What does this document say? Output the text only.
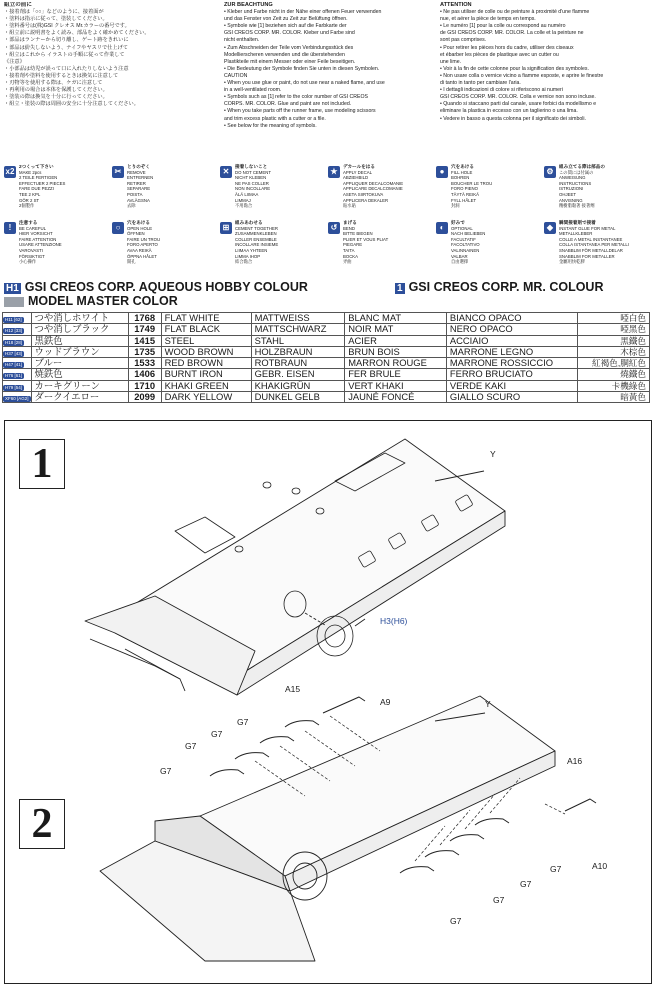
組立の前に

・接着剤は「○○」などのように、接着面が

・塗料は指示に従って、塗装してください。

・塗料番号は(株)GSI クレオス Mr.カラーの番号です。

・組立前に説明書をよく読み、部品をよく確かめてください。

・部品はランナーから切り離し、ゲート跡をきれいに

・部品は紛失しないよう、ナイフやヤスリで仕上げて

・組立はこれから イラストの手順に従って作業して

《注意》

・小部品は幼児が誤って口に入れたりしないよう注意

・接着剤や塗料を使用するときは換気に注意して

・刃物等を使用する際は、ケガに注意して

・再利用の場合は本体を保護してください。

・塗装の際は換気を十分に行ってください。

・組立・塗装の際は周囲の安全に十分注意してください。

ZUR BEACHTUNG

• Kleber und Farbe nicht in der Nähe einer offenen Feuer verwenden

und das Fenster von Zeit zu Zeit zur Belüftung öffnen.

• Symbole wie [1] beziehen sich auf die Farbkarte der

GSI CREOS CORP. MR. COLOR. Kleber und Farbe sind

nicht enthalten.

• Zum Abschneiden der Teile vom Verbindungsstück des

Modellierscheren verwenden und die überstehenden

Plastikteile mit einem Messer oder einer Feile beseitigen.

• Die Bedeutung der Symbole finden Sie unten in diesen Symbolen.

CAUTION

• When you use glue or paint, do not use near a naked flame, and use

in a well-ventilated room.

• Symbols such as [1] refer to the color number of GSI CREOS

CORPS. MR. COLOR. Glue and paint are not included.

• When you take parts off the runner frame, use modeling scissors

and trim excess plastic with a cutter or a file.

• See below for the meaning of symbols.

ATTENTION

• Ne pas utiliser de colle ou de peinture à proximité d'une flamme

nue, et aérer la pièce de temps en temps.

• Le numéro [1] pour la colle ou correspond au numéro

de GSI CREOS CORP. MR. COLOR. La colle et la peinture ne

sont pas comprises.

• Pour retirer les pièces hors du cadre, utiliser des ciseaux

et ébarber les pièces de plastique avec un cutter ou

une lime.

• Voir à la fin de cette colonne pour la signification des symboles.

• Non usare colla o vernice vicino a fiamme esposte, e aprire le finestre

di tanto in tanto per cambiare l'aria.

• I dettagli indicazioni di colore si riferiscono ai numeri

GSI CREOS CORP. MR. COLOR. Colla e vernice non sono incluse.

• Quando si staccano parti dal canale, usare forbici da modellismo e

eliminare la plastica in eccesso con un taglierino o una lima.

• Vedere in basso a questa colonna per il significato dei simboli.

x2
2つくって下さい
MAKE 2pcs
2 TEILE FERTIGEN
EFFECTUER 2 PIECES
FARE DUE PEZZI
TEE 2 KPL
GÖR 2 ST
2個製作
✂
とりのぞく
REMOVE
ENTFERNEN
RETIRER
SEPARARE
POISTA
AVLÄGSNA
去除
✕
接着しないこと
DO NOT CEMENT
NICHT KLEBEN
NE PAS COLLER
NON INCOLLARE
ÄLÄ LIIMAA
LIMMAJ
不用黏合
★
デカールをはる
APPLY DECAL
ABZIEHBILD
APPLIQUER DECALCOMANIE
APPLICARE DECALCOMANIE
ASETA SIIRTOKUVA
APPLICERA DEKALER
貼水貼
●
穴をあける
FILL HOLE
BOHREN
BOUCHER LE TROU
FORO PIENO
TÄYTÄ REIKÄ
FYLL HÅLET
封洞
⚙
組み立てる際は部品の
この間には付属の
ANWEISUNG
INSTRUCTIONS
ISTRUZIONI
OHJEET
ANVISNING
精樹脂黏著 接著劑
!
注意する
BE CAREFUL
HIER VORSICHT
FAIRE ATTENTION
USARE ATTENZIONE
VAROVASTI
FÖRSIKTIGT
小心操作
○
穴をあける
OPEN HOLE
ÖFFNEN
FAIRE UN TROU
FORO APERTO
AVAA REIKÄ
ÖPPNA HÅLET
開孔
⊞
組みあわせる
CEMENT TOGETHER
ZUSAMMENKLEBEN
COLLER ENSEMBLE
INCOLLARE INSIEME
LIIMAA YHTEEN
LIMMA IHOP
結合黏合
↺
まげる
BEND
BITTE BIEGEN
PLIER ET VOUS PLIAT
PIEGARE
TAITA
BOCKA
弄曲
◐
好みで
OPTIONAL
NACH BELIEBEN
FACULTATIF
FACOLTATIVO
VALINNAINEN
VALBAR
自由選擇
◆
瞬間接着剤で接着
INSTANT GLUE FOR METAL
METALLKLEBER
COLLE A METAL INSTANTANEE
COLLA ISTANTANEA PER METALLI
SNABBLIM FÖR METALLDELAR
SNABBLIM FOR METALLER
金屬用快乾膠
H1 GSI CREOS CORP. AQUEOUS HOBBY COLOUR	1 GSI CREOS CORP. MR. COLOUR
MODEL MASTER COLOR
H11 [62]	つや消しホワイト	1768	FLAT WHITE	MATTWEISS	BLANC MAT	BIANCO OPACO	啞白色
H12 [33]	つや消しブラック	1749	FLAT BLACK	MATTSCHWARZ	NOIR MAT	NERO OPACO	啞黑色
H18 [28]	黒鉄色	1415	STEEL	STAHL	ACIER	ACCIAIO	黑鐵色
H37 [43]	ウッドブラウン	1735	WOOD BROWN	HOLZBRAUN	BRUN BOIS	MARRONE LEGNO	木棕色
H47 [41]	ブルー	1533	RED BROWN	ROTBRAUN	MARRON ROUGE	MARRONE ROSSICCIO	紅褐色,胴紅色
H76 [61]	焼鉄色	1406	BURNT IRON	GEBR. EISEN	FER BRULE	FERRO BRUCIATO	燒鐵色
H79 [54]	カーキグリーン	1710	KHAKI GREEN	KHAKIGRÜN	VERT KHAKI	VERDE KAKI	卡機綠色
XF60 [AG2]	ダークイエロー	2099	DARK YELLOW	DUNKEL GELB	JAUNÉ FONCÉ	GIALLO SCURO	暗黃色
1
2
Y
H3(H6)
A15
A9	Y
G7
G7
G7
G7
A16
A10
G7
G7
G7
G7
